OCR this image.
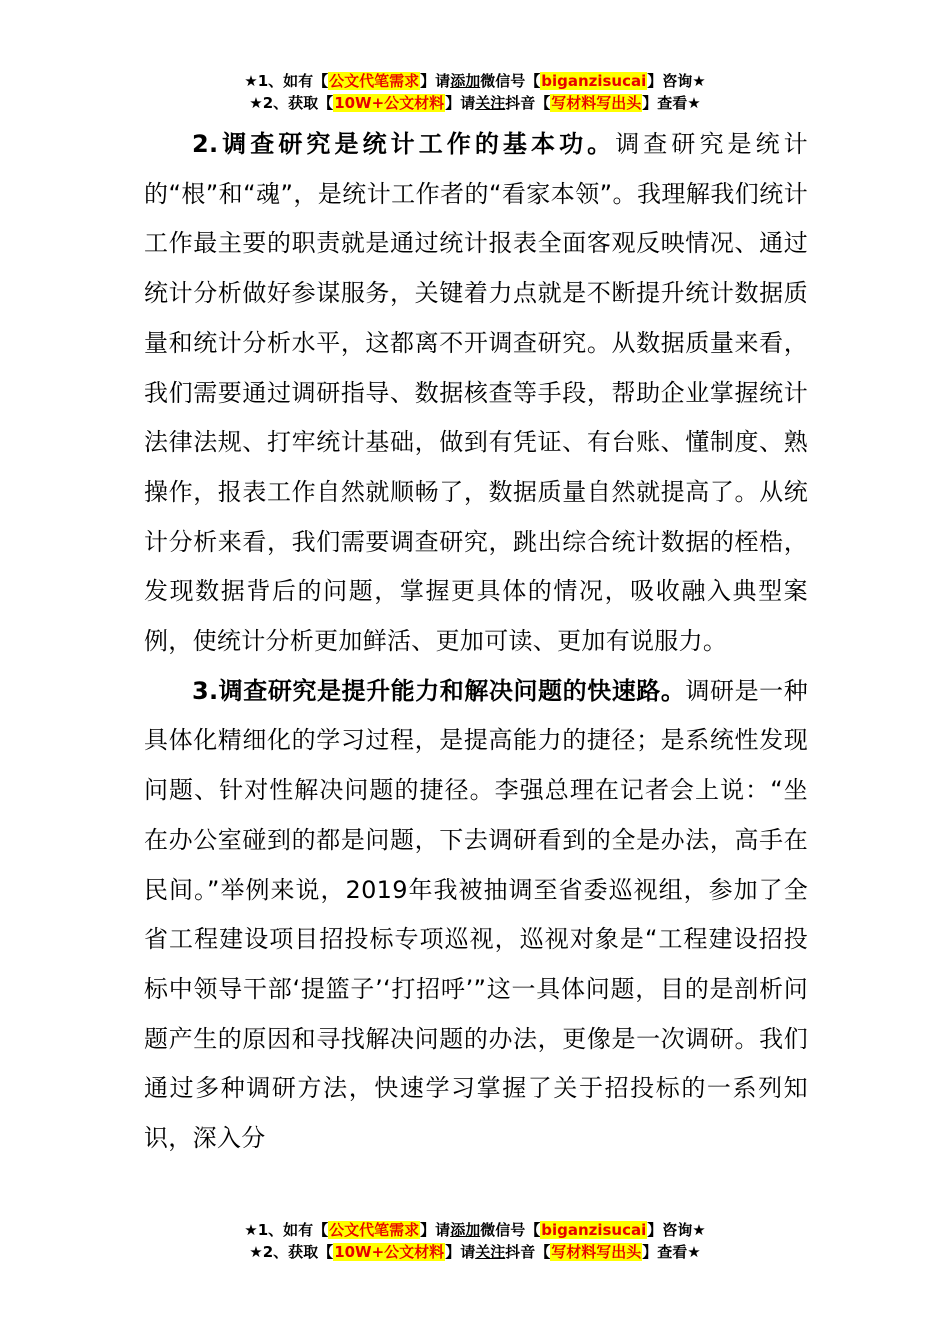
★1、如有【公文代笔需求】请添加微信号【biganzisucai】咨询★
★2、获取【10W+公文材料】请关注抖音【写材料写出头】查看★

2.调查研究是统计工作的基本功。调查研究是统计的“根”和“魂”，是统计工作者的“看家本领”。我理解我们统计工作最主要的职责就是通过统计报表全面客观反映情况、通过统计分析做好参谋服务，关键着力点就是不断提升统计数据质量和统计分析水平，这都离不开调查研究。从数据质量来看，我们需要通过调研指导、数据核查等手段，帮助企业掌握统计法律法规、打牢统计基础，做到有凭证、有台账、懂制度、熟操作，报表工作自然就顺畅了，数据质量自然就提高了。从统计分析来看，我们需要调查研究，跳出综合统计数据的桎梏，发现数据背后的问题，掌握更具体的情况，吸收融入典型案例，使统计分析更加鲜活、更加可读、更加有说服力。

3.调查研究是提升能力和解决问题的快速路。调研是一种具体化精细化的学习过程，是提高能力的捷径；是系统性发现问题、针对性解决问题的捷径。李强总理在记者会上说：“坐在办公室碰到的都是问题，下去调研看到的全是办法，高手在民间。”举例来说，2019年我被抽调至省委巡视组，参加了全省工程建设项目招投标专项巡视，巡视对象是“工程建设招投标中领导干部‘提篮子’‘打招呼’”这一具体问题，目的是剖析问题产生的原因和寻找解决问题的办法，更像是一次调研。我们通过多种调研方法，快速学习掌握了关于招投标的一系列知识，深入分

★1、如有【公文代笔需求】请添加微信号【biganzisucai】咨询★
★2、获取【10W+公文材料】请关注抖音【写材料写出头】查看★
